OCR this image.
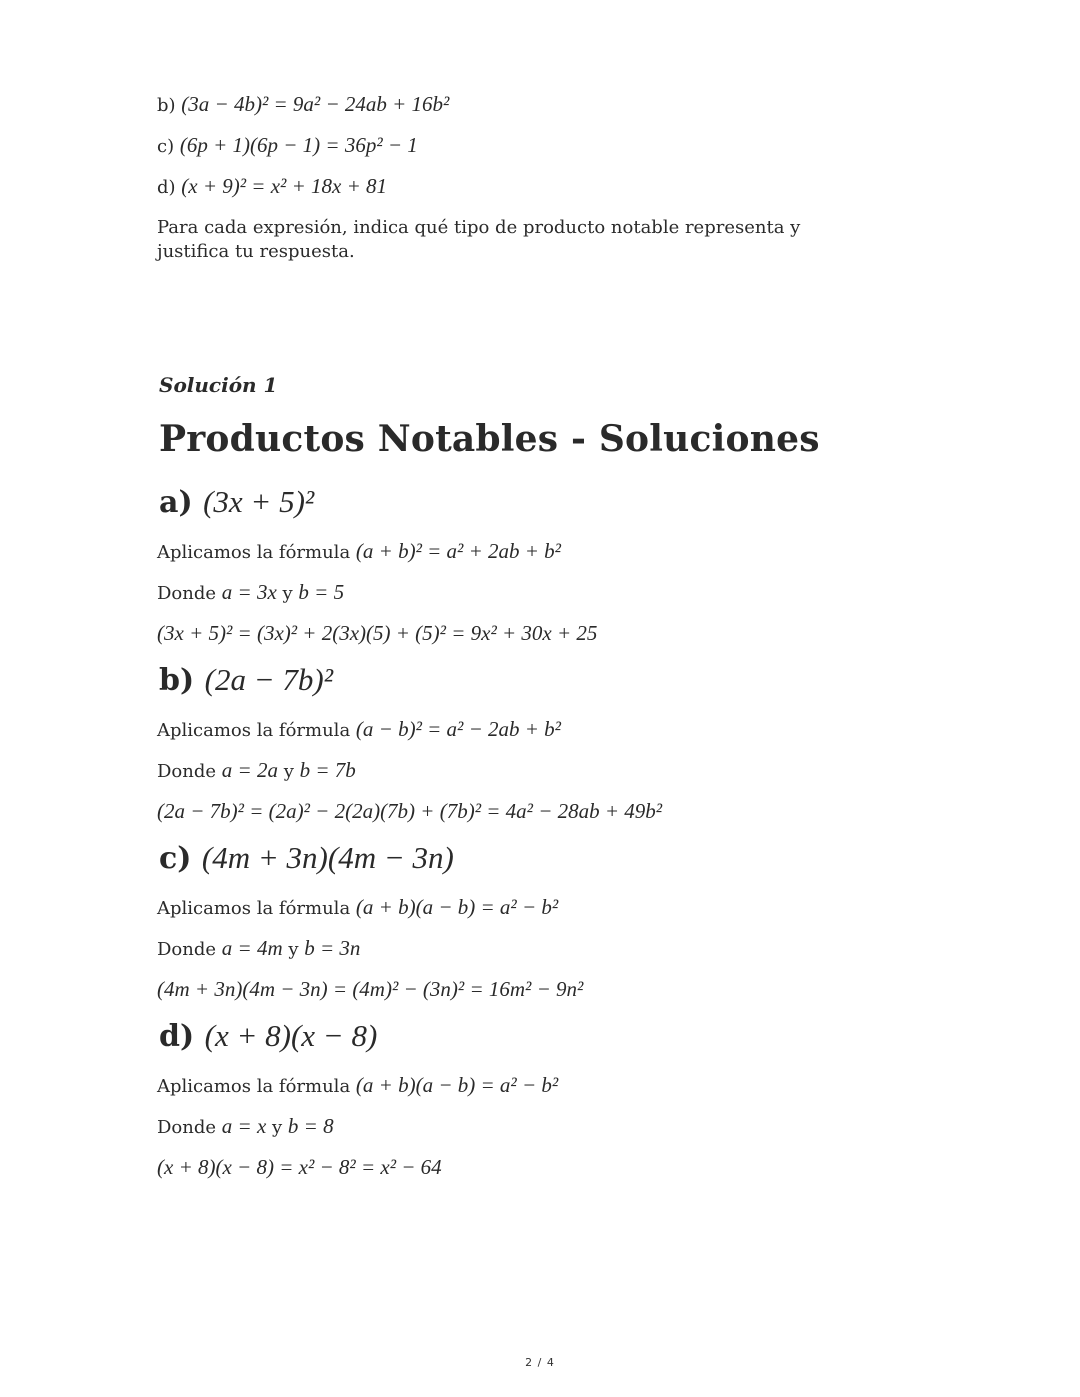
b) (3a − 4b)² = 9a² − 24ab + 16b²
c) (6p + 1)(6p − 1) = 36p² − 1
d) (x + 9)² = x² + 18x + 81
Para cada expresión, indica qué tipo de producto notable representa y justifica tu respuesta.
Solución 1
Productos Notables - Soluciones
a) (3x + 5)²
Aplicamos la fórmula (a + b)² = a² + 2ab + b²
Donde a = 3x y b = 5
(3x + 5)² = (3x)² + 2(3x)(5) + (5)² = 9x² + 30x + 25
b) (2a − 7b)²
Aplicamos la fórmula (a − b)² = a² − 2ab + b²
Donde a = 2a y b = 7b
(2a − 7b)² = (2a)² − 2(2a)(7b) + (7b)² = 4a² − 28ab + 49b²
c) (4m + 3n)(4m − 3n)
Aplicamos la fórmula (a + b)(a − b) = a² − b²
Donde a = 4m y b = 3n
(4m + 3n)(4m − 3n) = (4m)² − (3n)² = 16m² − 9n²
d) (x + 8)(x − 8)
Aplicamos la fórmula (a + b)(a − b) = a² − b²
Donde a = x y b = 8
(x + 8)(x − 8) = x² − 8² = x² − 64
2 / 4
